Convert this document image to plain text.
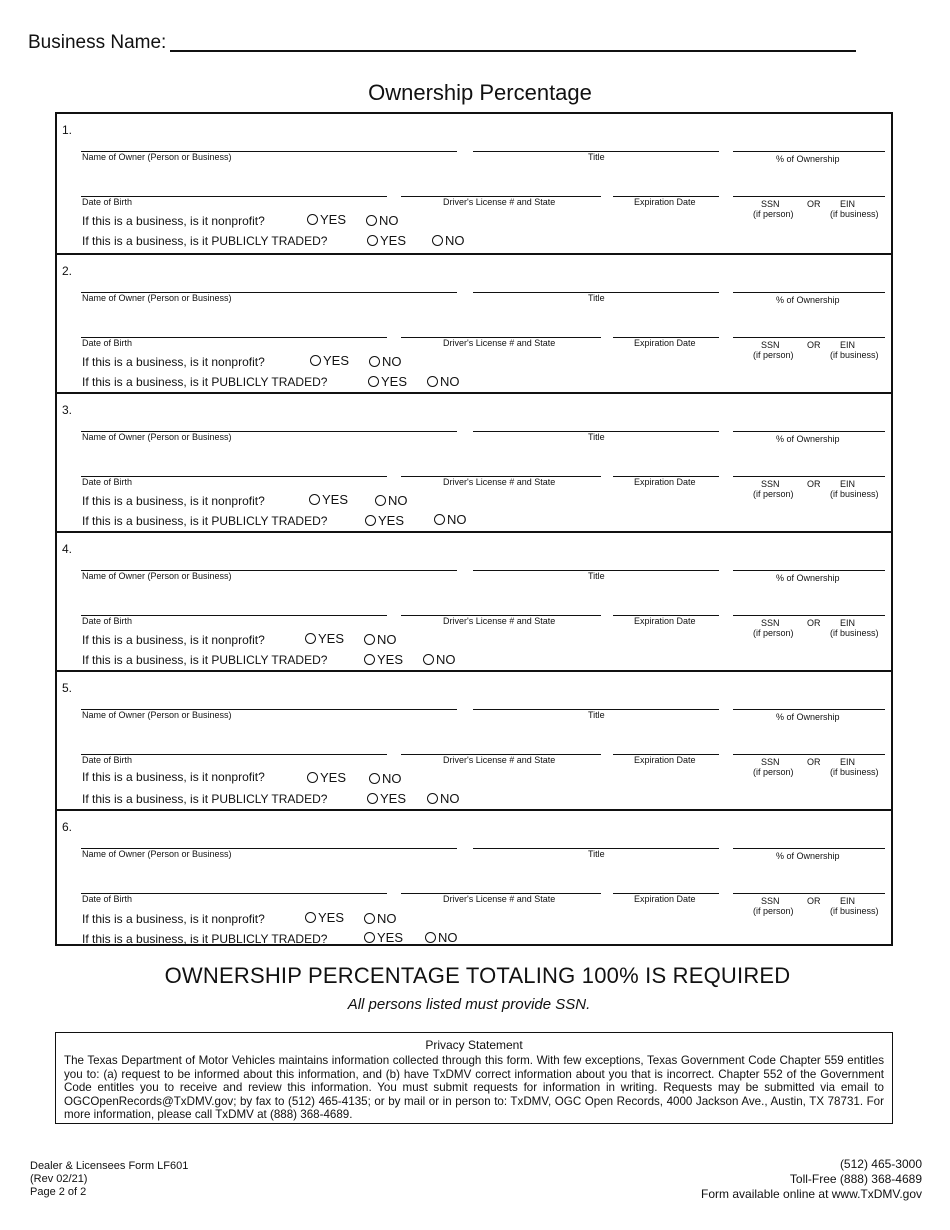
Business Name:
Ownership Percentage
1.
Name of Owner (Person or Business)	Title	% of Ownership
Date of Birth	Driver's License # and State	Expiration Date	SSN	OR EIN
(if person)	(if business)
If this is a business, is it nonprofit?	YES	NO
If this is a business, is it PUBLICLY TRADED?	YES	NO
2.
Name of Owner (Person or Business)	Title	% of Ownership
Date of Birth	Driver's License # and State	Expiration Date	SSN	OR EIN
(if person)	(if business)
If this is a business, is it nonprofit?	YES	NO
If this is a business, is it PUBLICLY TRADED?	YES	NO
3.
Name of Owner (Person or Business)	Title	% of Ownership
Date of Birth	Driver's License # and State	Expiration Date	SSN	OR EIN
(if person)	(if business)
If this is a business, is it nonprofit?	YES	NO
If this is a business, is it PUBLICLY TRADED?	YES	NO
4.
Name of Owner (Person or Business)	Title	% of Ownership
Date of Birth	Driver's License # and State	Expiration Date	SSN	OR EIN
(if person)	(if business)
If this is a business, is it nonprofit?	YES	NO
If this is a business, is it PUBLICLY TRADED?	YES	NO
5.
Name of Owner (Person or Business)	Title	% of Ownership
Date of Birth	Driver's License # and State	Expiration Date	SSN	OR EIN
(if person)	(if business)
If this is a business, is it nonprofit?	YES	NO
If this is a business, is it PUBLICLY TRADED?	YES	NO
6.
Name of Owner (Person or Business)	Title	% of Ownership
Date of Birth	Driver's License # and State	Expiration Date	SSN	OR EIN
(if person)	(if business)
If this is a business, is it nonprofit?	YES	NO
If this is a business, is it PUBLICLY TRADED?	YES	NO
OWNERSHIP PERCENTAGE TOTALING 100% IS REQUIRED
All persons listed must provide SSN.
Privacy Statement
The Texas Department of Motor Vehicles maintains information collected through this form. With few exceptions, Texas Government Code Chapter 559 entitles you to: (a) request to be informed about this information, and (b) have TxDMV correct information about you that is incorrect. Chapter 552 of the Government Code entitles you to receive and review this information. You must submit requests for information in writing. Requests may be submitted via email to OGCOpenRecords@TxDMV.gov; by fax to (512) 465-4135; or by mail or in person to: TxDMV, OGC Open Records, 4000 Jackson Ave., Austin, TX 78731. For more information, please call TxDMV at (888) 368-4689.
Dealer & Licensees Form LF601
(Rev 02/21)
Page 2 of 2
(512) 465-3000
Toll-Free (888) 368-4689
Form available online at www.TxDMV.gov
